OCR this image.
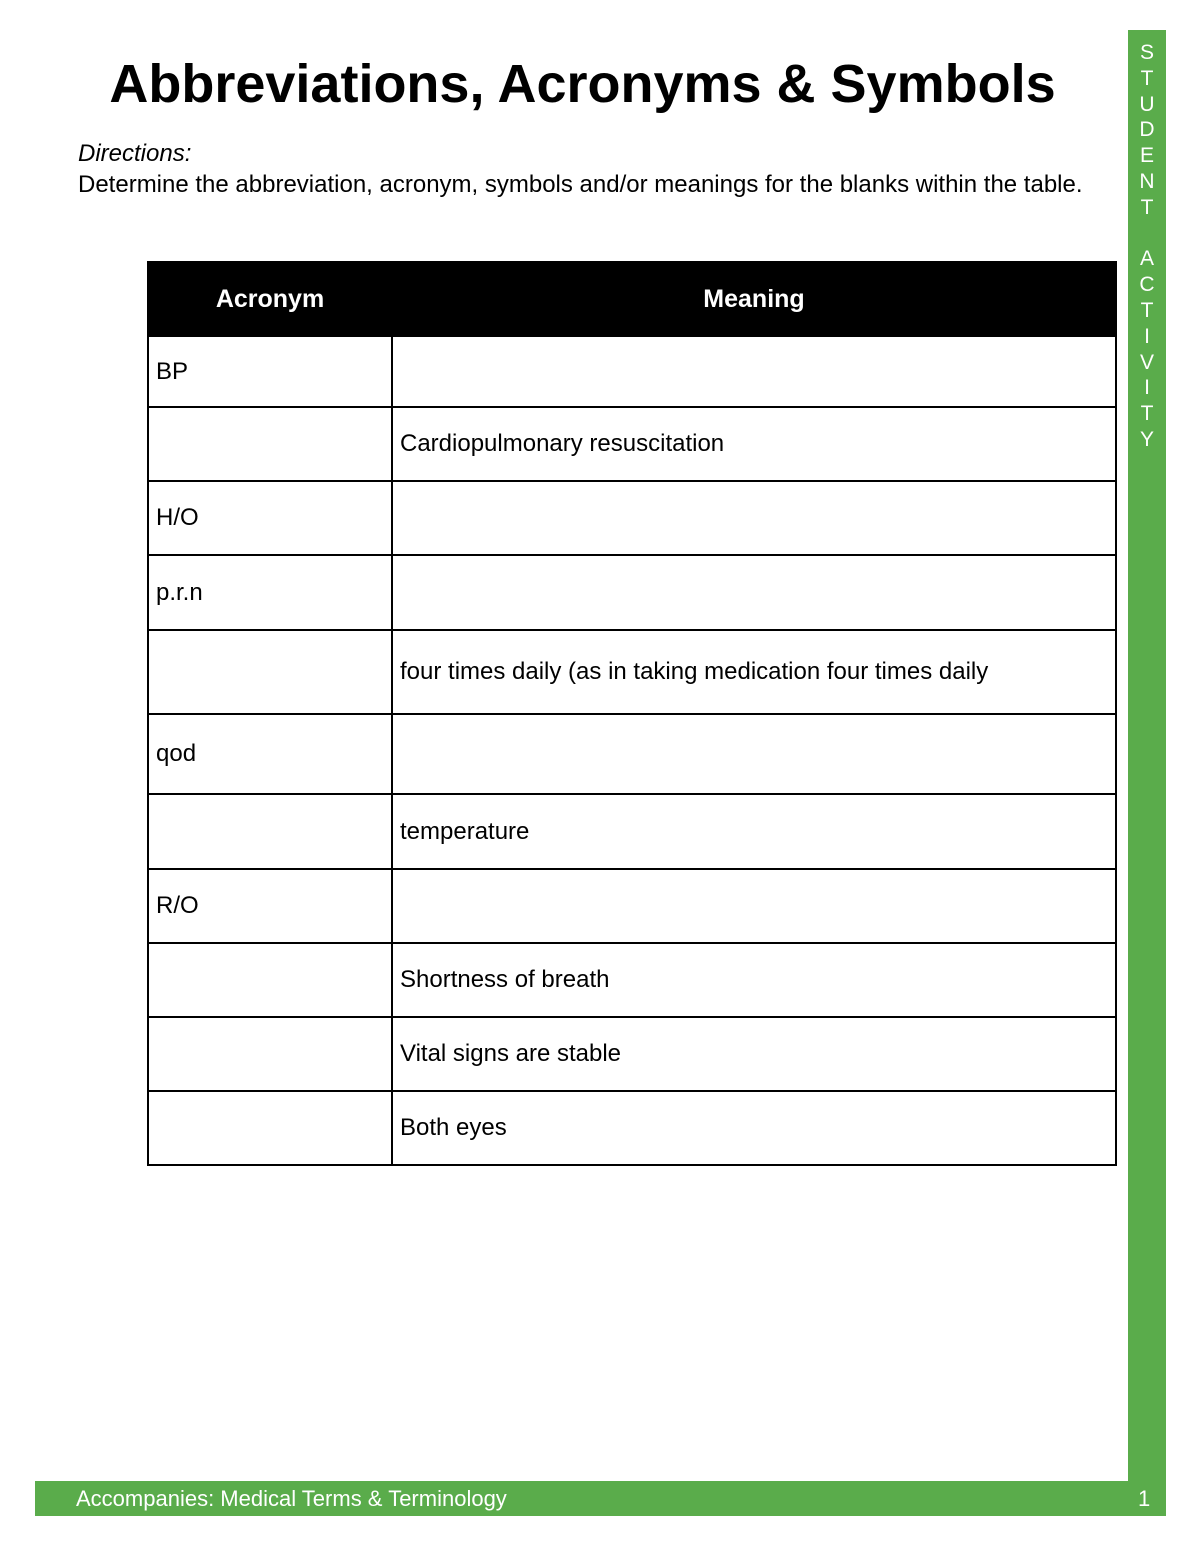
Abbreviations, Acronyms & Symbols
Directions:
Determine the abbreviation, acronym, symbols and/or meanings for the blanks within the table.
Acronym	Meaning
BP	
	Cardiopulmonary resuscitation
H/O	
p.r.n	
	four times daily (as in taking medication four times daily
qod	
	temperature
R/O	
	Shortness of breath
	Vital signs are stable
	Both eyes
S
T
U
D
E
N
T

A
C
T
I
V
I
T
Y
Accompanies: Medical Terms & Terminology	1
